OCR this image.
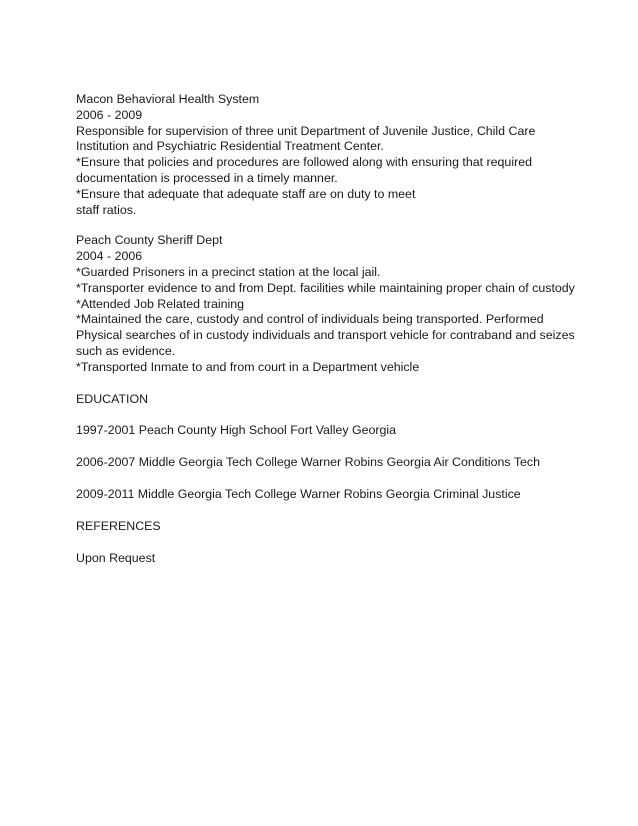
Macon Behavioral Health System
2006 - 2009
Responsible for supervision of three unit Department of Juvenile Justice, Child Care
Institution and Psychiatric Residential Treatment Center.
*Ensure that policies and procedures are followed along with ensuring that required
documentation is processed in a timely manner.
*Ensure that adequate that adequate staff are on duty to meet
staff ratios.
Peach County Sheriff Dept
2004 - 2006
*Guarded Prisoners in a precinct station at the local jail.
*Transporter evidence to and from Dept. facilities while maintaining proper chain of custody
*Attended Job Related training
*Maintained the care, custody and control of individuals being transported. Performed
Physical searches of in custody individuals and transport vehicle for contraband and seizes
such as evidence.
*Transported Inmate to and from court in a Department vehicle
EDUCATION
1997-2001 Peach County High School Fort Valley Georgia
2006-2007 Middle Georgia Tech College Warner Robins Georgia Air Conditions Tech
2009-2011 Middle Georgia Tech College Warner Robins Georgia Criminal Justice
REFERENCES
Upon Request
